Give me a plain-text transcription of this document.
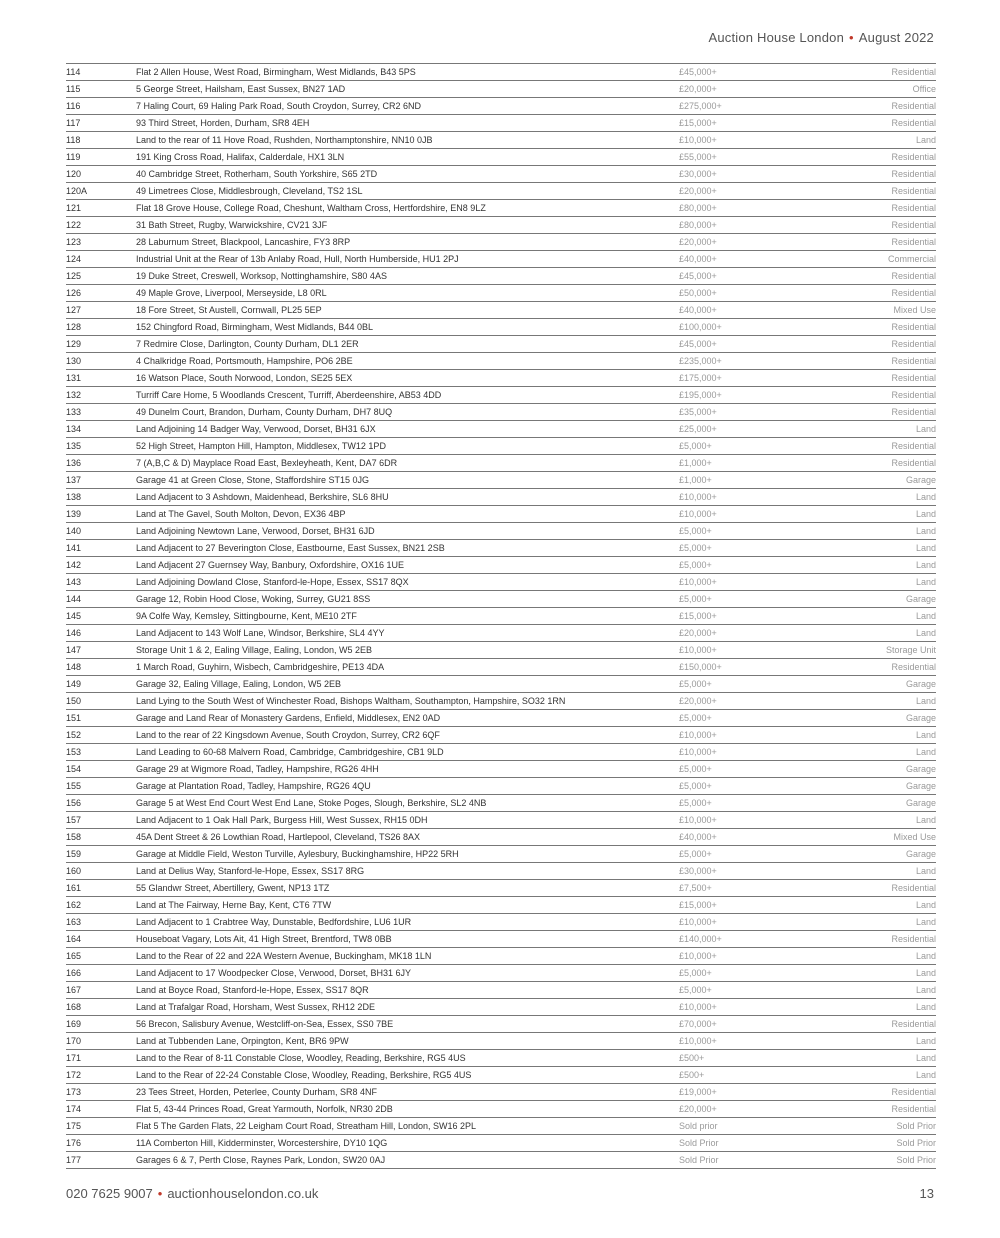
Auction House London • August 2022
114	Flat 2 Allen House, West Road, Birmingham, West Midlands, B43 5PS	£45,000+	Residential
115	5 George Street, Hailsham, East Sussex, BN27 1AD	£20,000+	Office
116	7 Haling Court, 69 Haling Park Road, South Croydon, Surrey, CR2 6ND	£275,000+	Residential
117	93 Third Street, Horden, Durham, SR8 4EH	£15,000+	Residential
118	Land to the rear of 11 Hove Road, Rushden, Northamptonshire, NN10 0JB	£10,000+	Land
119	191 King Cross Road, Halifax, Calderdale, HX1 3LN	£55,000+	Residential
120	40 Cambridge Street, Rotherham, South Yorkshire, S65 2TD	£30,000+	Residential
120A	49 Limetrees Close, Middlesbrough, Cleveland, TS2 1SL	£20,000+	Residential
121	Flat 18 Grove House, College Road, Cheshunt, Waltham Cross, Hertfordshire, EN8 9LZ	£80,000+	Residential
122	31 Bath Street, Rugby, Warwickshire, CV21 3JF	£80,000+	Residential
123	28 Laburnum Street, Blackpool, Lancashire, FY3 8RP	£20,000+	Residential
124	Industrial Unit at the Rear of 13b Anlaby Road, Hull, North Humberside, HU1 2PJ	£40,000+	Commercial
125	19 Duke Street, Creswell, Worksop, Nottinghamshire, S80 4AS	£45,000+	Residential
126	49 Maple Grove, Liverpool, Merseyside, L8 0RL	£50,000+	Residential
127	18 Fore Street, St Austell, Cornwall, PL25 5EP	£40,000+	Mixed Use
128	152 Chingford Road, Birmingham, West Midlands, B44 0BL	£100,000+	Residential
129	7 Redmire Close, Darlington, County Durham, DL1 2ER	£45,000+	Residential
130	4 Chalkridge Road, Portsmouth, Hampshire, PO6 2BE	£235,000+	Residential
131	16 Watson Place, South Norwood, London, SE25 5EX	£175,000+	Residential
132	Turriff Care Home, 5 Woodlands Crescent, Turriff, Aberdeenshire, AB53 4DD	£195,000+	Residential
133	49 Dunelm Court, Brandon, Durham, County Durham, DH7 8UQ	£35,000+	Residential
134	Land Adjoining 14 Badger Way, Verwood, Dorset, BH31 6JX	£25,000+	Land
135	52 High Street, Hampton Hill, Hampton, Middlesex, TW12 1PD	£5,000+	Residential
136	7 (A,B,C & D) Mayplace Road East, Bexleyheath, Kent, DA7 6DR	£1,000+	Residential
137	Garage 41 at Green Close, Stone, Staffordshire ST15 0JG	£1,000+	Garage
138	Land Adjacent to 3 Ashdown, Maidenhead, Berkshire, SL6 8HU	£10,000+	Land
139	Land at The Gavel, South Molton, Devon, EX36 4BP	£10,000+	Land
140	Land Adjoining Newtown Lane, Verwood, Dorset, BH31 6JD	£5,000+	Land
141	Land Adjacent to 27 Beverington Close, Eastbourne, East Sussex, BN21 2SB	£5,000+	Land
142	Land Adjacent 27 Guernsey Way, Banbury, Oxfordshire, OX16 1UE	£5,000+	Land
143	Land Adjoining Dowland Close, Stanford-le-Hope, Essex, SS17 8QX	£10,000+	Land
144	Garage 12, Robin Hood Close, Woking, Surrey, GU21 8SS	£5,000+	Garage
145	9A Colfe Way, Kemsley, Sittingbourne, Kent, ME10 2TF	£15,000+	Land
146	Land Adjacent to 143 Wolf Lane, Windsor, Berkshire, SL4 4YY	£20,000+	Land
147	Storage Unit 1 & 2, Ealing Village, Ealing, London, W5 2EB	£10,000+	Storage Unit
148	1 March Road, Guyhirn, Wisbech, Cambridgeshire, PE13 4DA	£150,000+	Residential
149	Garage 32, Ealing Village, Ealing, London, W5 2EB	£5,000+	Garage
150	Land Lying to the South West of Winchester Road, Bishops Waltham, Southampton, Hampshire, SO32 1RN	£20,000+	Land
151	Garage and Land Rear of Monastery Gardens, Enfield, Middlesex, EN2 0AD	£5,000+	Garage
152	Land to the rear of 22 Kingsdown Avenue, South Croydon, Surrey, CR2 6QF	£10,000+	Land
153	Land Leading to 60-68 Malvern Road, Cambridge, Cambridgeshire, CB1 9LD	£10,000+	Land
154	Garage 29 at Wigmore Road, Tadley, Hampshire, RG26 4HH	£5,000+	Garage
155	Garage at Plantation Road, Tadley, Hampshire, RG26 4QU	£5,000+	Garage
156	Garage 5 at West End Court West End Lane, Stoke Poges, Slough, Berkshire, SL2 4NB	£5,000+	Garage
157	Land Adjacent to 1 Oak Hall Park, Burgess Hill, West Sussex, RH15 0DH	£10,000+	Land
158	45A Dent Street & 26 Lowthian Road, Hartlepool, Cleveland, TS26 8AX	£40,000+	Mixed Use
159	Garage at Middle Field, Weston Turville, Aylesbury, Buckinghamshire, HP22 5RH	£5,000+	Garage
160	Land at Delius Way, Stanford-le-Hope, Essex, SS17 8RG	£30,000+	Land
161	55 Glandwr Street, Abertillery, Gwent, NP13 1TZ	£7,500+	Residential
162	Land at The Fairway, Herne Bay, Kent, CT6 7TW	£15,000+	Land
163	Land Adjacent to 1 Crabtree Way, Dunstable, Bedfordshire, LU6 1UR	£10,000+	Land
164	Houseboat Vagary, Lots Ait, 41 High Street, Brentford, TW8 0BB	£140,000+	Residential
165	Land to the Rear of 22 and 22A Western Avenue, Buckingham, MK18 1LN	£10,000+	Land
166	Land Adjacent to 17 Woodpecker Close, Verwood, Dorset, BH31 6JY	£5,000+	Land
167	Land at Boyce Road, Stanford-le-Hope, Essex, SS17 8QR	£5,000+	Land
168	Land at Trafalgar Road, Horsham, West Sussex, RH12 2DE	£10,000+	Land
169	56 Brecon, Salisbury Avenue, Westcliff-on-Sea, Essex, SS0 7BE	£70,000+	Residential
170	Land at Tubbenden Lane, Orpington, Kent, BR6 9PW	£10,000+	Land
171	Land to the Rear of 8-11 Constable Close, Woodley, Reading, Berkshire, RG5 4US	£500+	Land
172	Land to the Rear of 22-24 Constable Close, Woodley, Reading, Berkshire, RG5 4US	£500+	Land
173	23 Tees Street, Horden, Peterlee, County Durham, SR8 4NF	£19,000+	Residential
174	Flat 5, 43-44 Princes Road, Great Yarmouth, Norfolk, NR30 2DB	£20,000+	Residential
175	Flat 5 The Garden Flats, 22 Leigham Court Road, Streatham Hill, London, SW16 2PL	Sold prior	Sold Prior
176	11A Comberton Hill, Kidderminster, Worcestershire, DY10 1QG	Sold Prior	Sold Prior
177	Garages 6 & 7, Perth Close, Raynes Park, London, SW20 0AJ	Sold Prior	Sold Prior
020 7625 9007 • auctionhouselondon.co.uk	13
